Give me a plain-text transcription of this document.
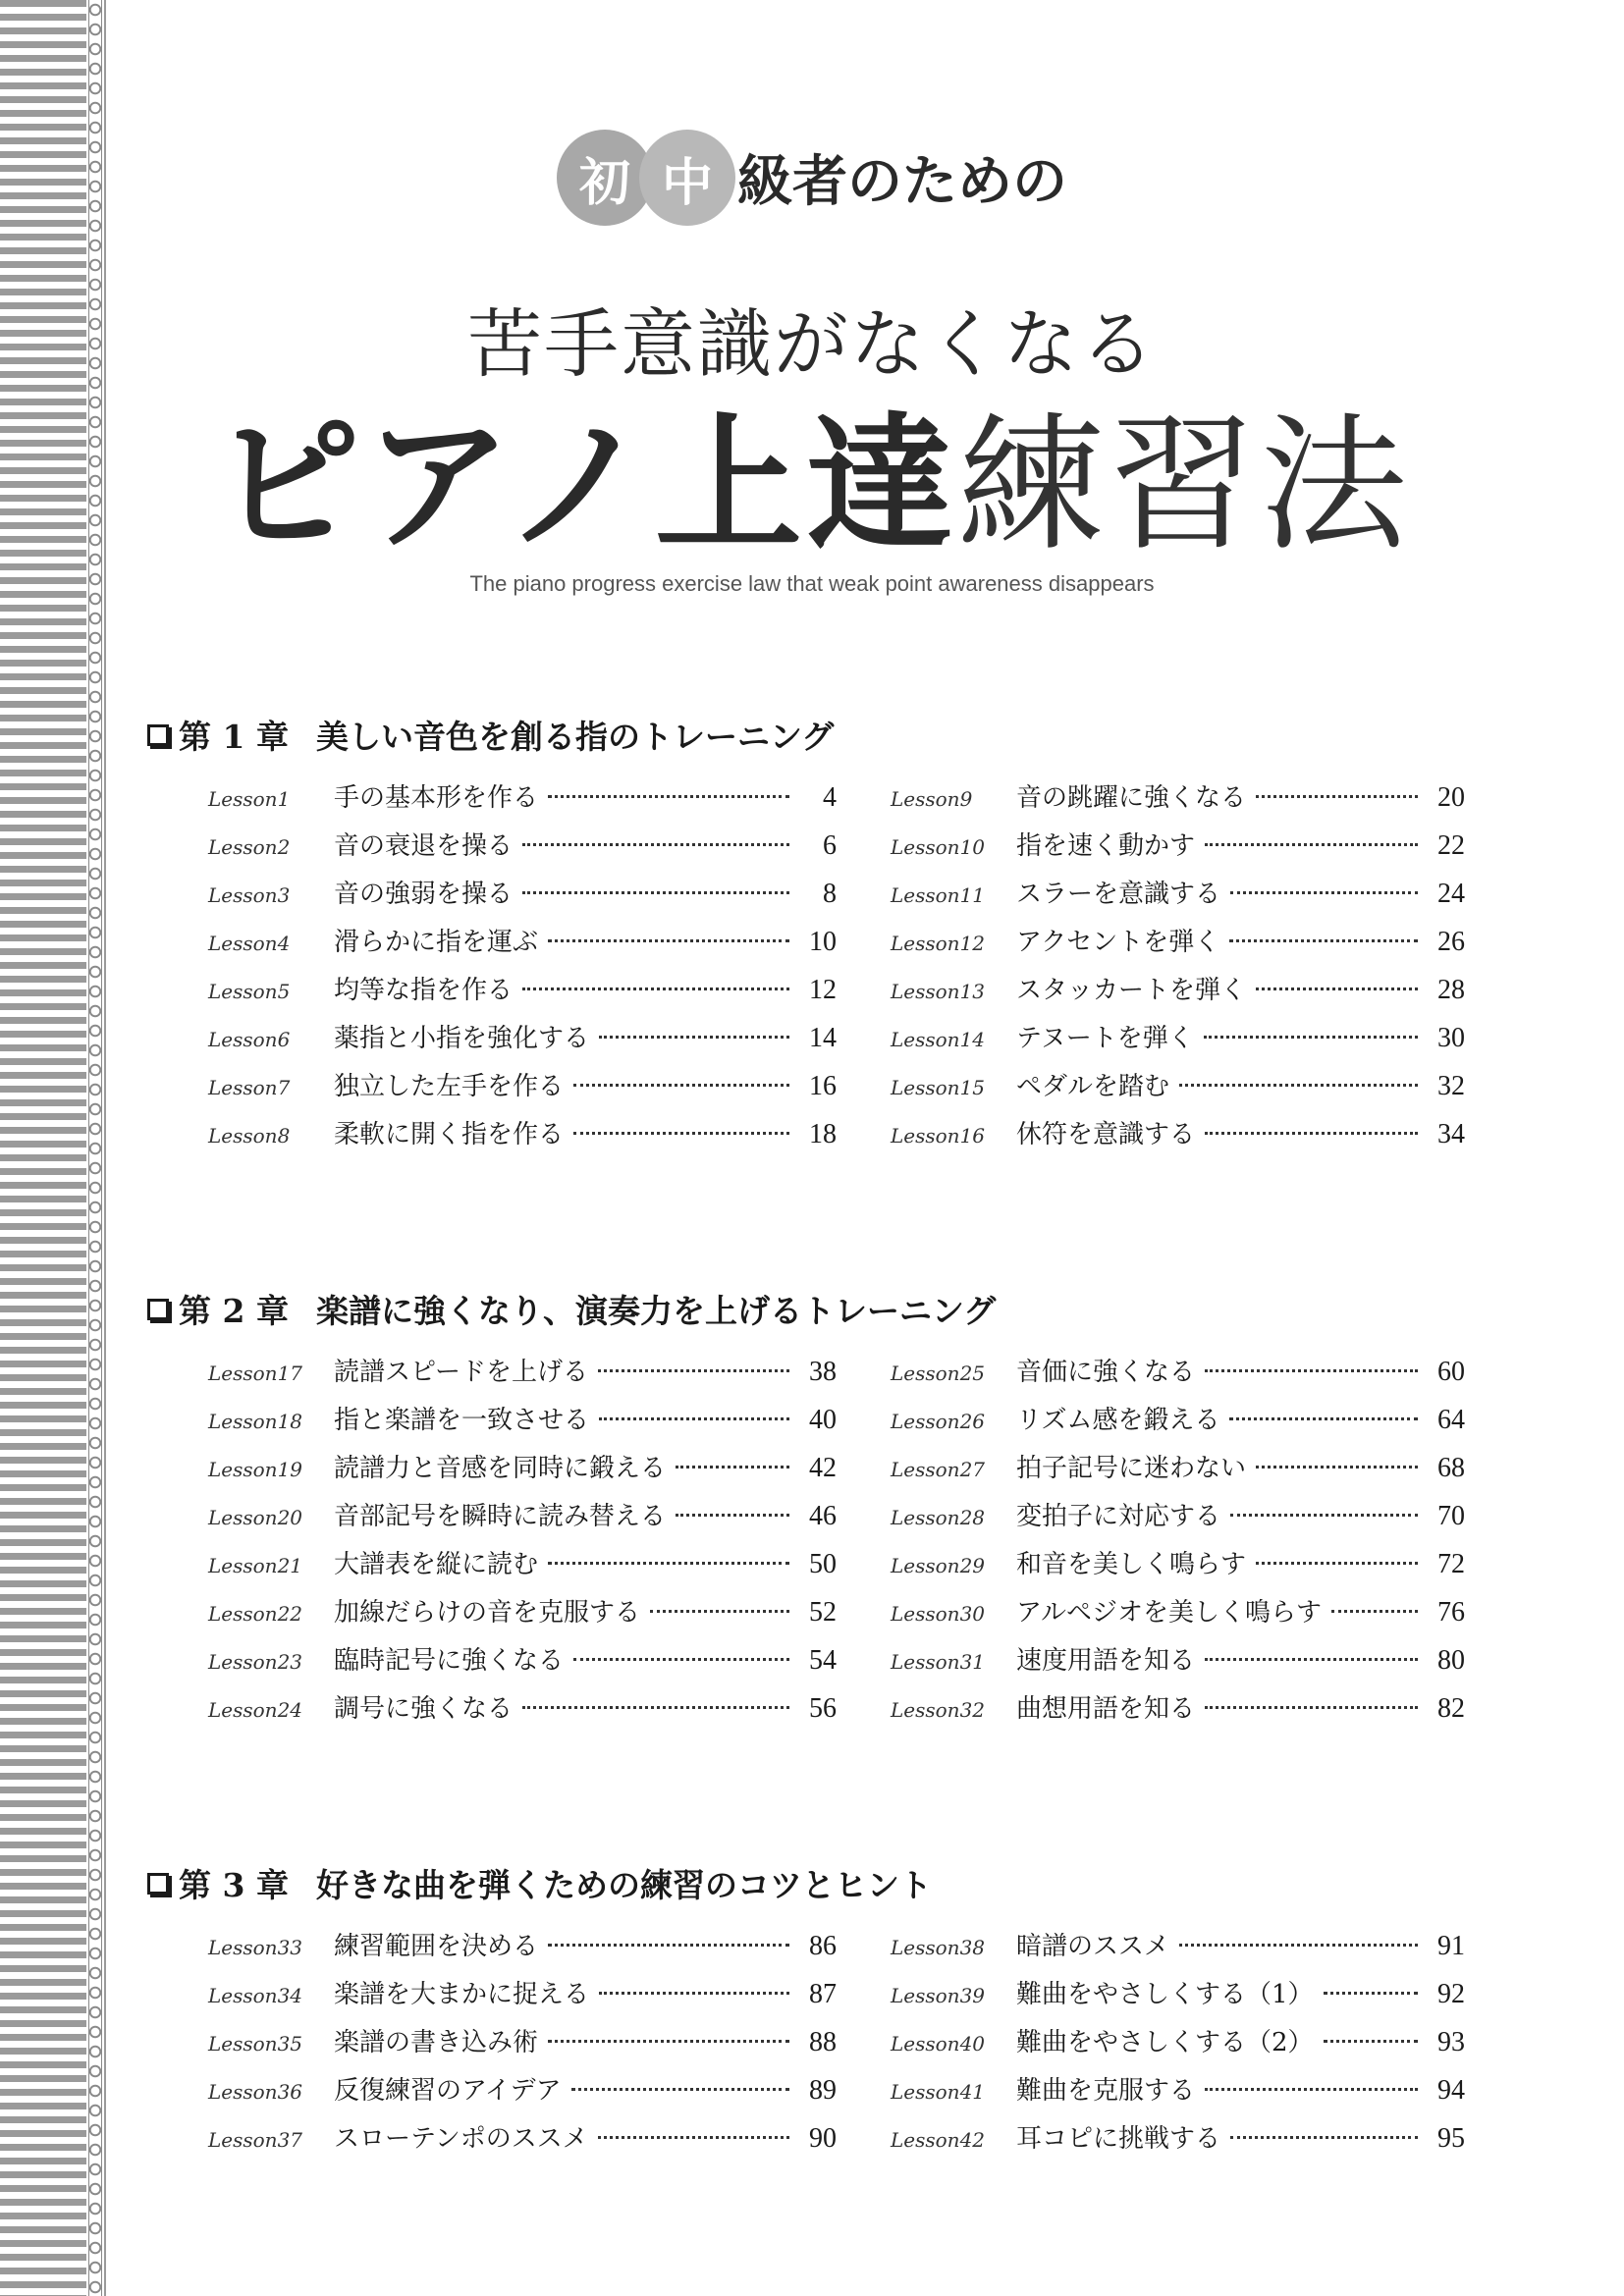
初 中 級者のための
苦手意識がなくなる
ピアノ上達練習法
The piano progress exercise law that weak point awareness disappears
第 1 章 美しい音色を創る指のトレーニング
Lesson1	手の基本形を作る	4
Lesson2	音の衰退を操る	6
Lesson3	音の強弱を操る	8
Lesson4	滑らかに指を運ぶ	10
Lesson5	均等な指を作る	12
Lesson6	薬指と小指を強化する	14
Lesson7	独立した左手を作る	16
Lesson8	柔軟に開く指を作る	18
Lesson9	音の跳躍に強くなる	20
Lesson10	指を速く動かす	22
Lesson11	スラーを意識する	24
Lesson12	アクセントを弾く	26
Lesson13	スタッカートを弾く	28
Lesson14	テヌートを弾く	30
Lesson15	ペダルを踏む	32
Lesson16	休符を意識する	34
第 2 章 楽譜に強くなり、演奏力を上げるトレーニング
Lesson17	読譜スピードを上げる	38
Lesson18	指と楽譜を一致させる	40
Lesson19	読譜力と音感を同時に鍛える	42
Lesson20	音部記号を瞬時に読み替える	46
Lesson21	大譜表を縦に読む	50
Lesson22	加線だらけの音を克服する	52
Lesson23	臨時記号に強くなる	54
Lesson24	調号に強くなる	56
Lesson25	音価に強くなる	60
Lesson26	リズム感を鍛える	64
Lesson27	拍子記号に迷わない	68
Lesson28	変拍子に対応する	70
Lesson29	和音を美しく鳴らす	72
Lesson30	アルペジオを美しく鳴らす	76
Lesson31	速度用語を知る	80
Lesson32	曲想用語を知る	82
第 3 章 好きな曲を弾くための練習のコツとヒント
Lesson33	練習範囲を決める	86
Lesson34	楽譜を大まかに捉える	87
Lesson35	楽譜の書き込み術	88
Lesson36	反復練習のアイデア	89
Lesson37	スローテンポのススメ	90
Lesson38	暗譜のススメ	91
Lesson39	難曲をやさしくする（1）	92
Lesson40	難曲をやさしくする（2）	93
Lesson41	難曲を克服する	94
Lesson42	耳コピに挑戦する	95
